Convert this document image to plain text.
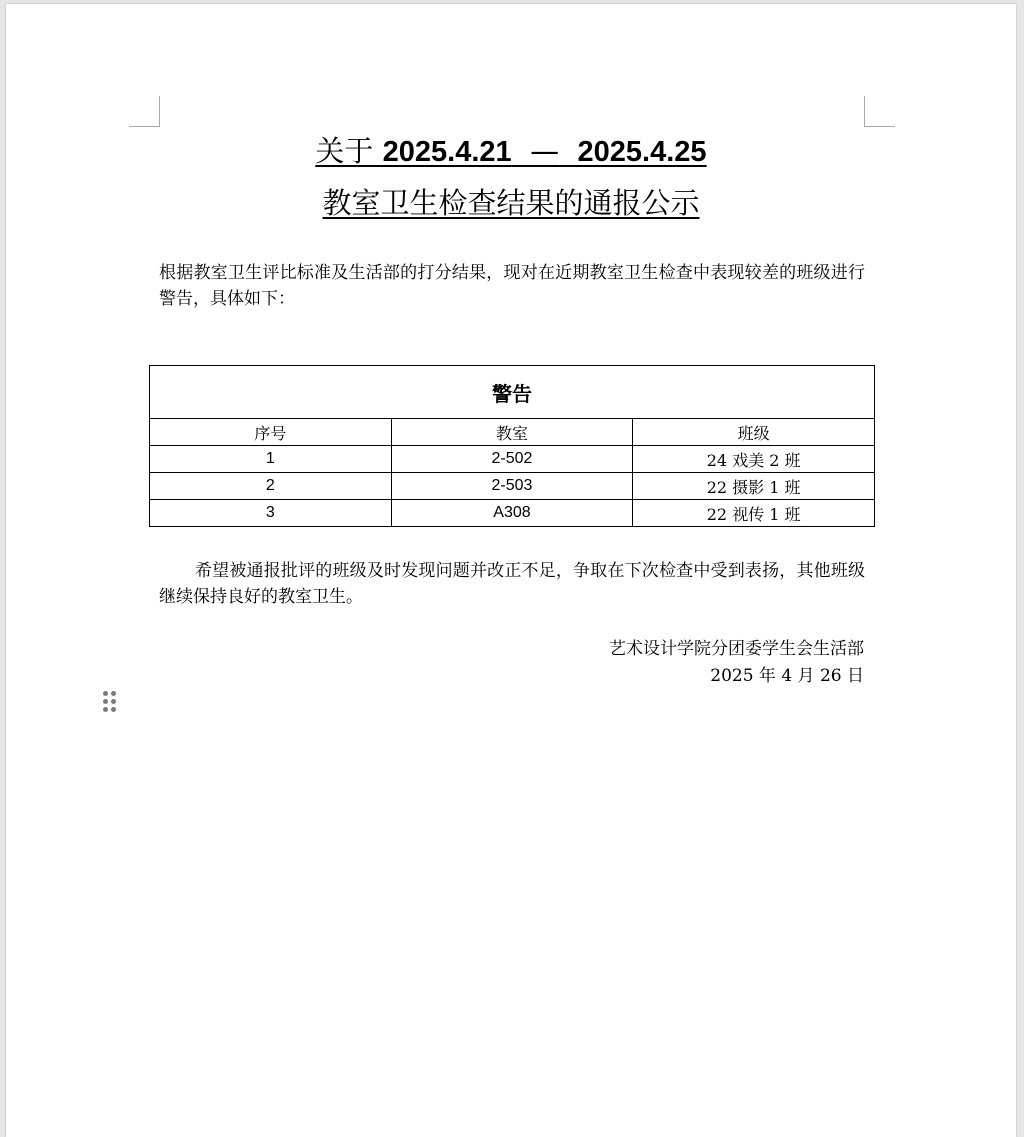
关于 2025.4.21 — 2025.4.25
教室卫生检查结果的通报公示
根据教室卫生评比标准及生活部的打分结果，现对在近期教室卫生检查中表现较差的班级进行警告，具体如下：
警告		
序号	教室	班级
1	2-502	24 戏美 2 班
2	2-503	22 摄影 1 班
3	A308	22 视传 1 班
希望被通报批评的班级及时发现问题并改正不足，争取在下次检查中受到表扬，其他班级继续保持良好的教室卫生。
艺术设计学院分团委学生会生活部
2025 年 4 月 26 日
